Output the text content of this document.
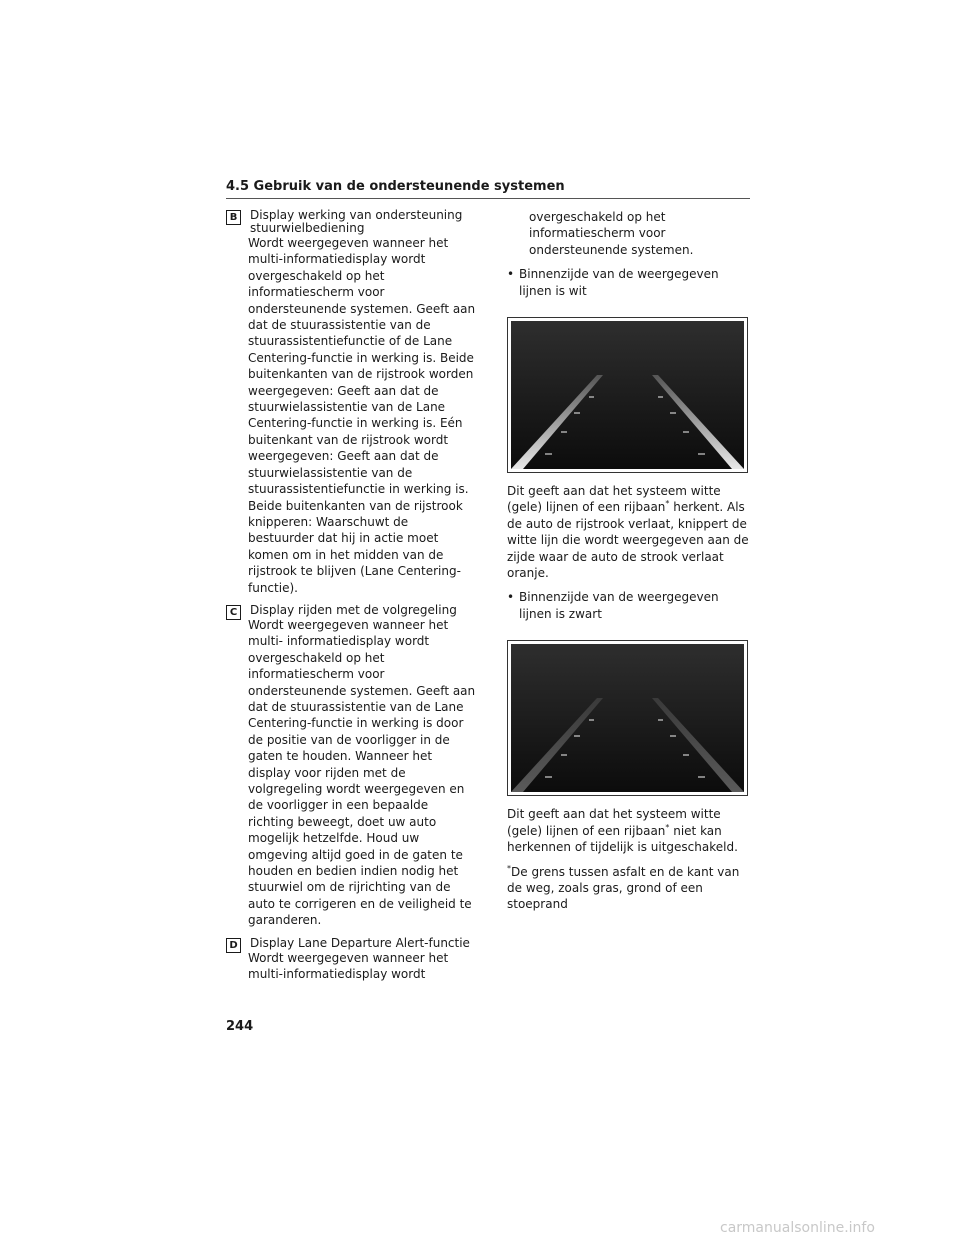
4.5 Gebruik van de ondersteunende systemen
B	Display werking van ondersteuning stuurwielbediening
Wordt weergegeven wanneer het multi-informatiedisplay wordt overgeschakeld op het informatiescherm voor ondersteunende systemen. Geeft aan dat de stuurassistentie van de stuurassistentiefunctie of de Lane Centering-functie in werking is. Beide buitenkanten van de rijstrook worden weergegeven: Geeft aan dat de stuurwielassistentie van de Lane Centering-functie in werking is. Eén buitenkant van de rijstrook wordt weergegeven: Geeft aan dat de stuurwielassistentie van de stuurassistentiefunctie in werking is. Beide buitenkanten van de rijstrook knipperen: Waarschuwt de bestuurder dat hij in actie moet komen om in het midden van de rijstrook te blijven (Lane Centering-functie).
C	Display rijden met de volgregeling
Wordt weergegeven wanneer het multi- informatiedisplay wordt overgeschakeld op het informatiescherm voor ondersteunende systemen. Geeft aan dat de stuurassistentie van de Lane Centering-functie in werking is door de positie van de voorligger in de gaten te houden. Wanneer het display voor rijden met de volgregeling wordt weergegeven en de voorligger in een bepaalde richting beweegt, doet uw auto mogelijk hetzelfde. Houd uw omgeving altijd goed in de gaten te houden en bedien indien nodig het stuurwiel om de rijrichting van de auto te corrigeren en de veiligheid te garanderen.
D Display Lane Departure Alert-functie
Wordt weergegeven wanneer het multi-informatiedisplay wordt
overgeschakeld op het informatiescherm voor ondersteunende systemen.
• Binnenzijde van de weergegeven lijnen is wit
Dit geeft aan dat het systeem witte (gele) lijnen of een rijbaan* herkent. Als de auto de rijstrook verlaat, knippert de witte lijn die wordt weergegeven aan de zijde waar de auto de strook verlaat oranje.
• Binnenzijde van de weergegeven lijnen is zwart
Dit geeft aan dat het systeem witte (gele) lijnen of een rijbaan* niet kan herkennen of tijdelijk is uitgeschakeld.
*De grens tussen asfalt en de kant van de weg, zoals gras, grond of een stoeprand
244
carmanualsonline.info
